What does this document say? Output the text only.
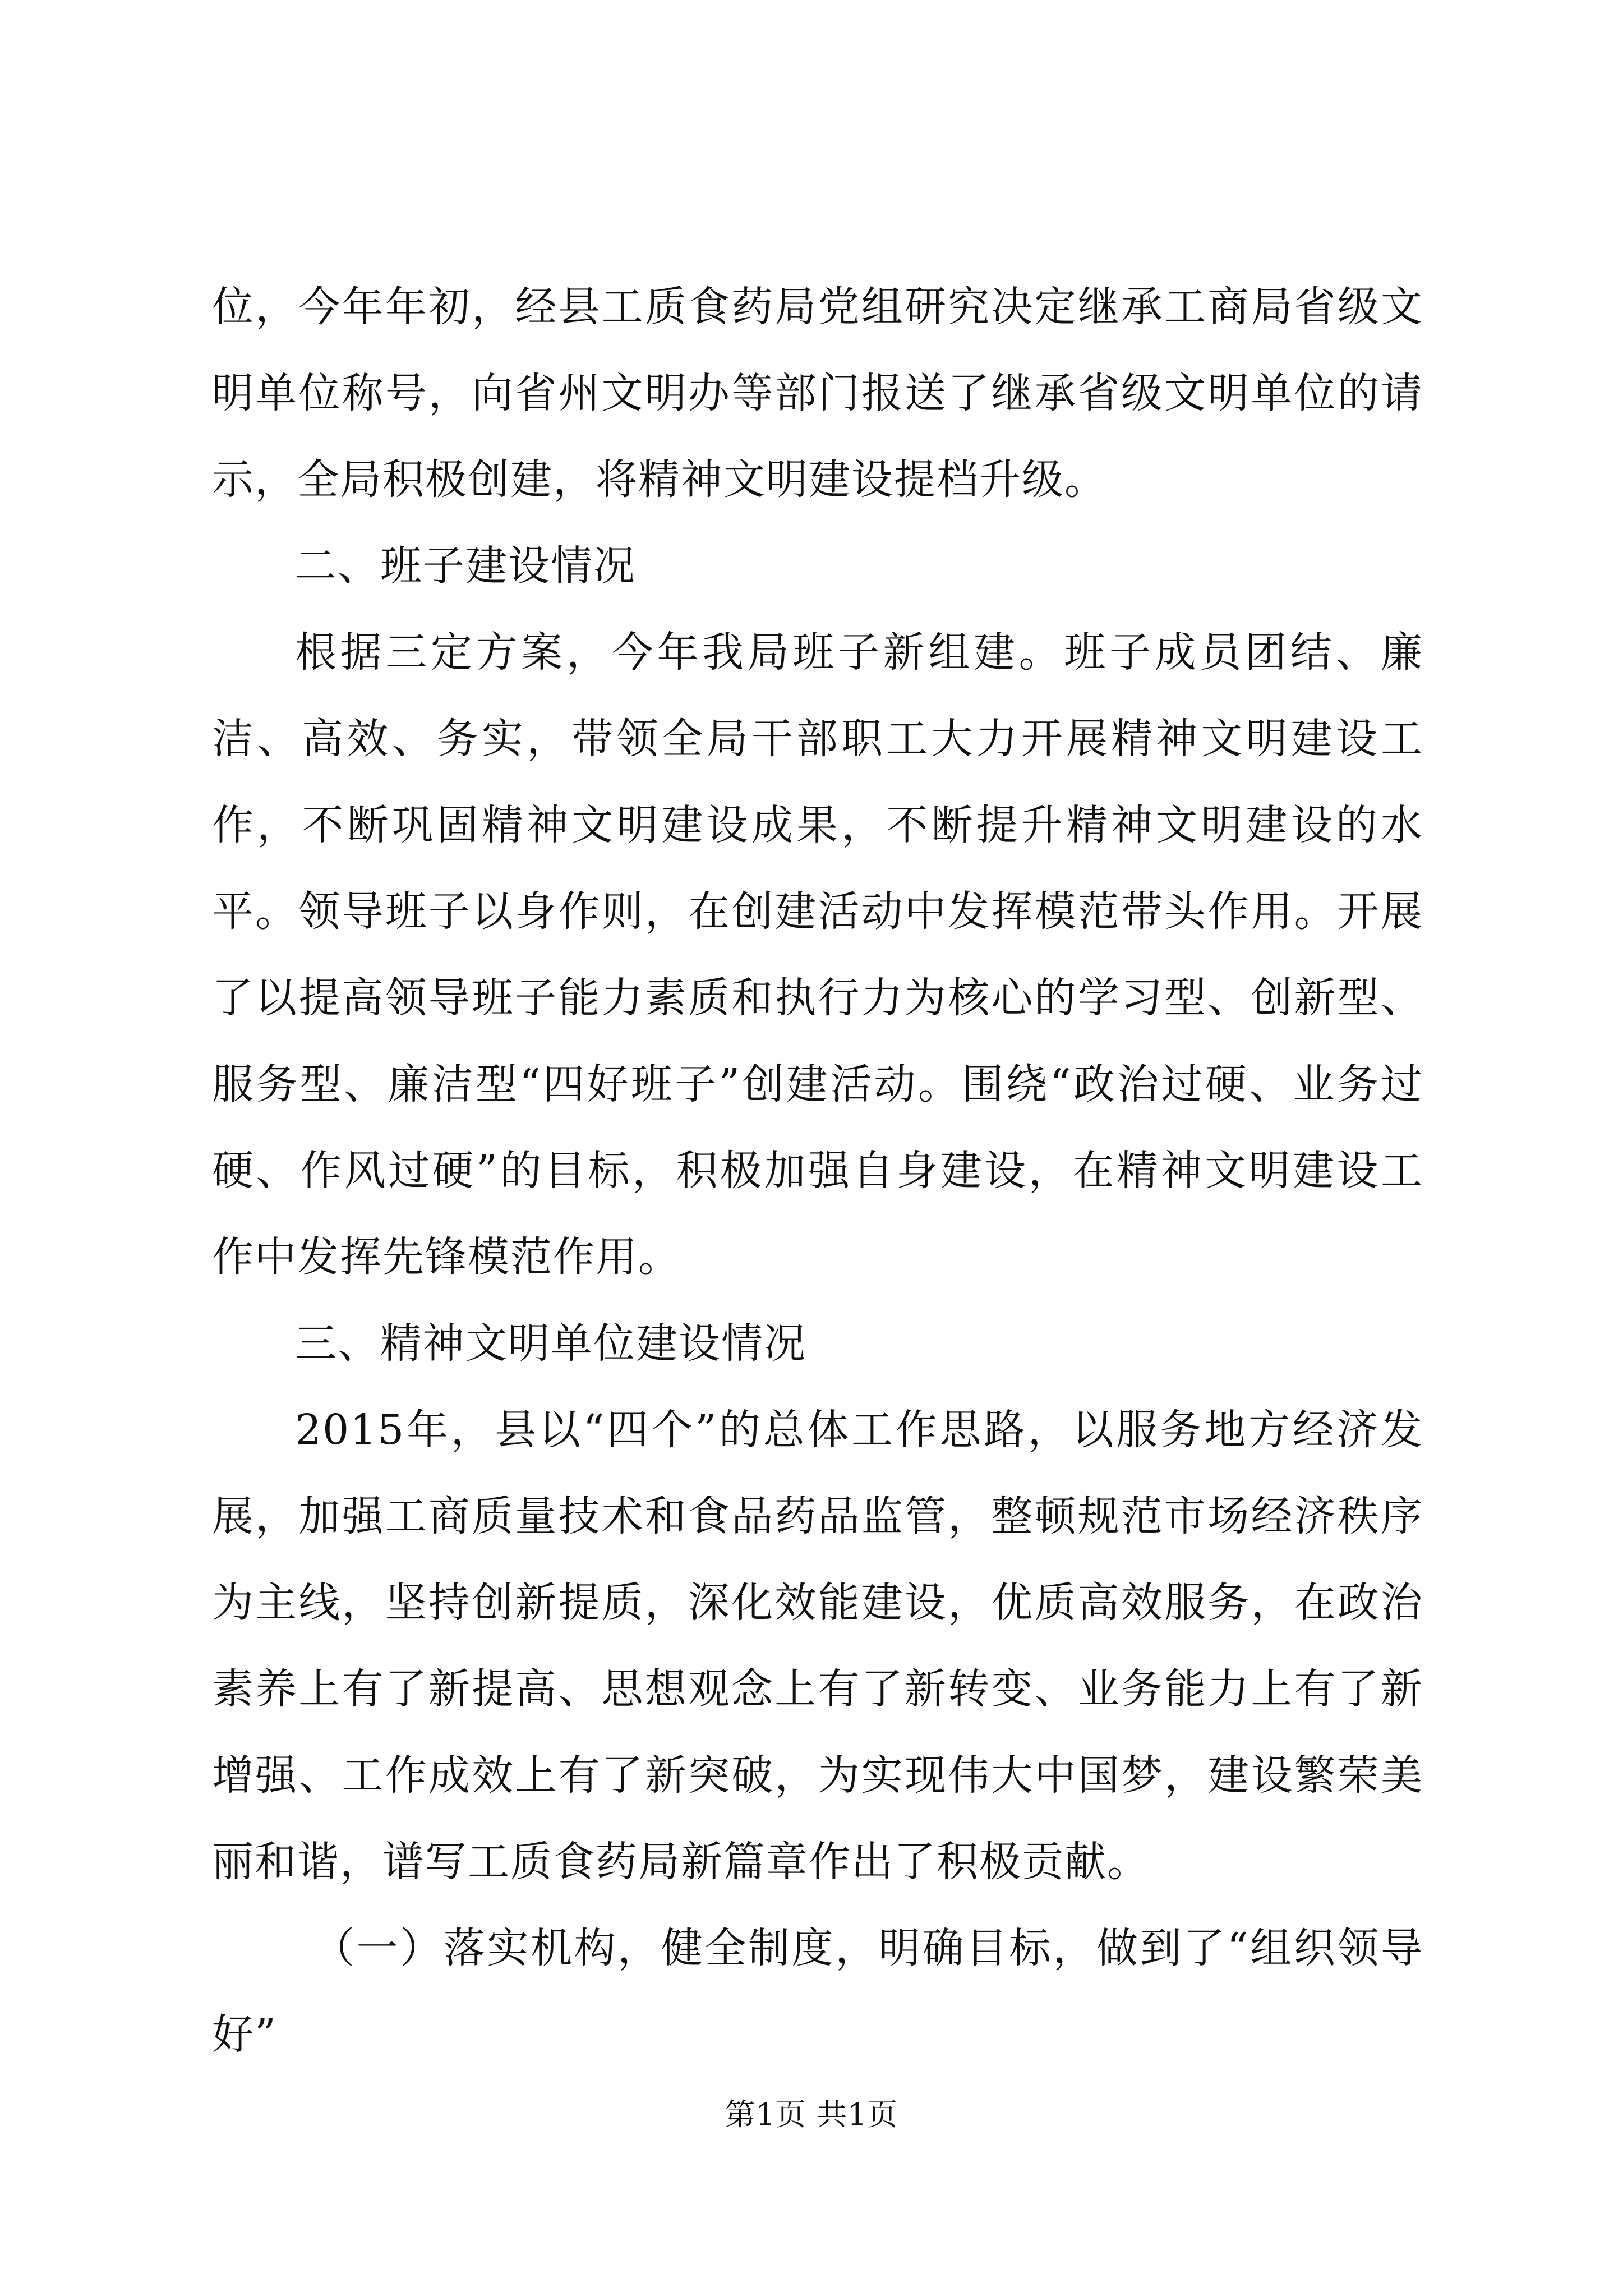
位，今年年初，经县工质食药局党组研究决定继承工商局省级文明单位称号，向省州文明办等部门报送了继承省级文明单位的请示，全局积极创建，将精神文明建设提档升级。

二、班子建设情况

根据三定方案，今年我局班子新组建。班子成员团结、廉洁、高效、务实，带领全局干部职工大力开展精神文明建设工作，不断巩固精神文明建设成果，不断提升精神文明建设的水平。领导班子以身作则，在创建活动中发挥模范带头作用。开展了以提高领导班子能力素质和执行力为核心的学习型、创新型、服务型、廉洁型“四好班子”创建活动。围绕“政治过硬、业务过硬、作风过硬”的目标，积极加强自身建设，在精神文明建设工作中发挥先锋模范作用。

三、精神文明单位建设情况

2015年，县以“四个”的总体工作思路，以服务地方经济发展，加强工商质量技术和食品药品监管，整顿规范市场经济秩序为主线，坚持创新提质，深化效能建设，优质高效服务，在政治素养上有了新提高、思想观念上有了新转变、业务能力上有了新增强、工作成效上有了新突破，为实现伟大中国梦，建设繁荣美丽和谐，谱写工质食药局新篇章作出了积极贡献。

（一）落实机构，健全制度，明确目标，做到了“组织领导好”

第1页 共1页
